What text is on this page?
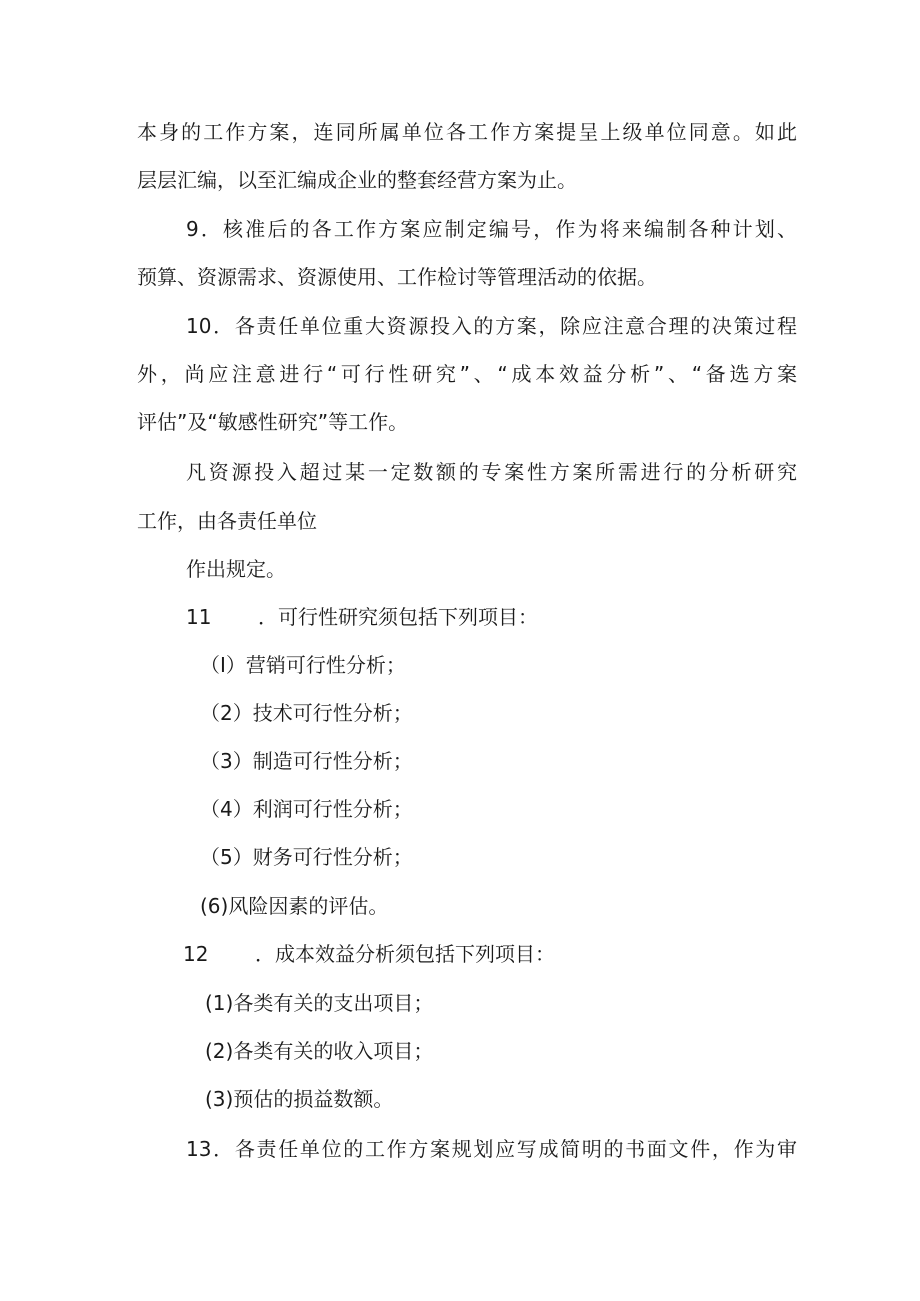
本身的工作方案，连同所属单位各工作方案提呈上级单位同意。如此
层层汇编，以至汇编成企业的整套经营方案为止。
9．核准后的各工作方案应制定编号，作为将来编制各种计划、
预算、资源需求、资源使用、工作检讨等管理活动的依据。
10．各责任单位重大资源投入的方案，除应注意合理的决策过程
外，尚应注意进行“可行性研究”、“成本效益分析”、“备选方案
评估”及“敏感性研究”等工作。
凡资源投入超过某一定数额的专案性方案所需进行的分析研究
工作，由各责任单位
作出规定。
11 ．可行性研究须包括下列项目：
（I）营销可行性分析；
（2）技术可行性分析；
（3）制造可行性分析；
（4）利润可行性分析；
（5）财务可行性分析；
(6)风险因素的评估。
12 ．成本效益分析须包括下列项目：
(1)各类有关的支出项目；
(2)各类有关的收入项目；
(3)预估的损益数额。
13．各责任单位的工作方案规划应写成简明的书面文件，作为审
